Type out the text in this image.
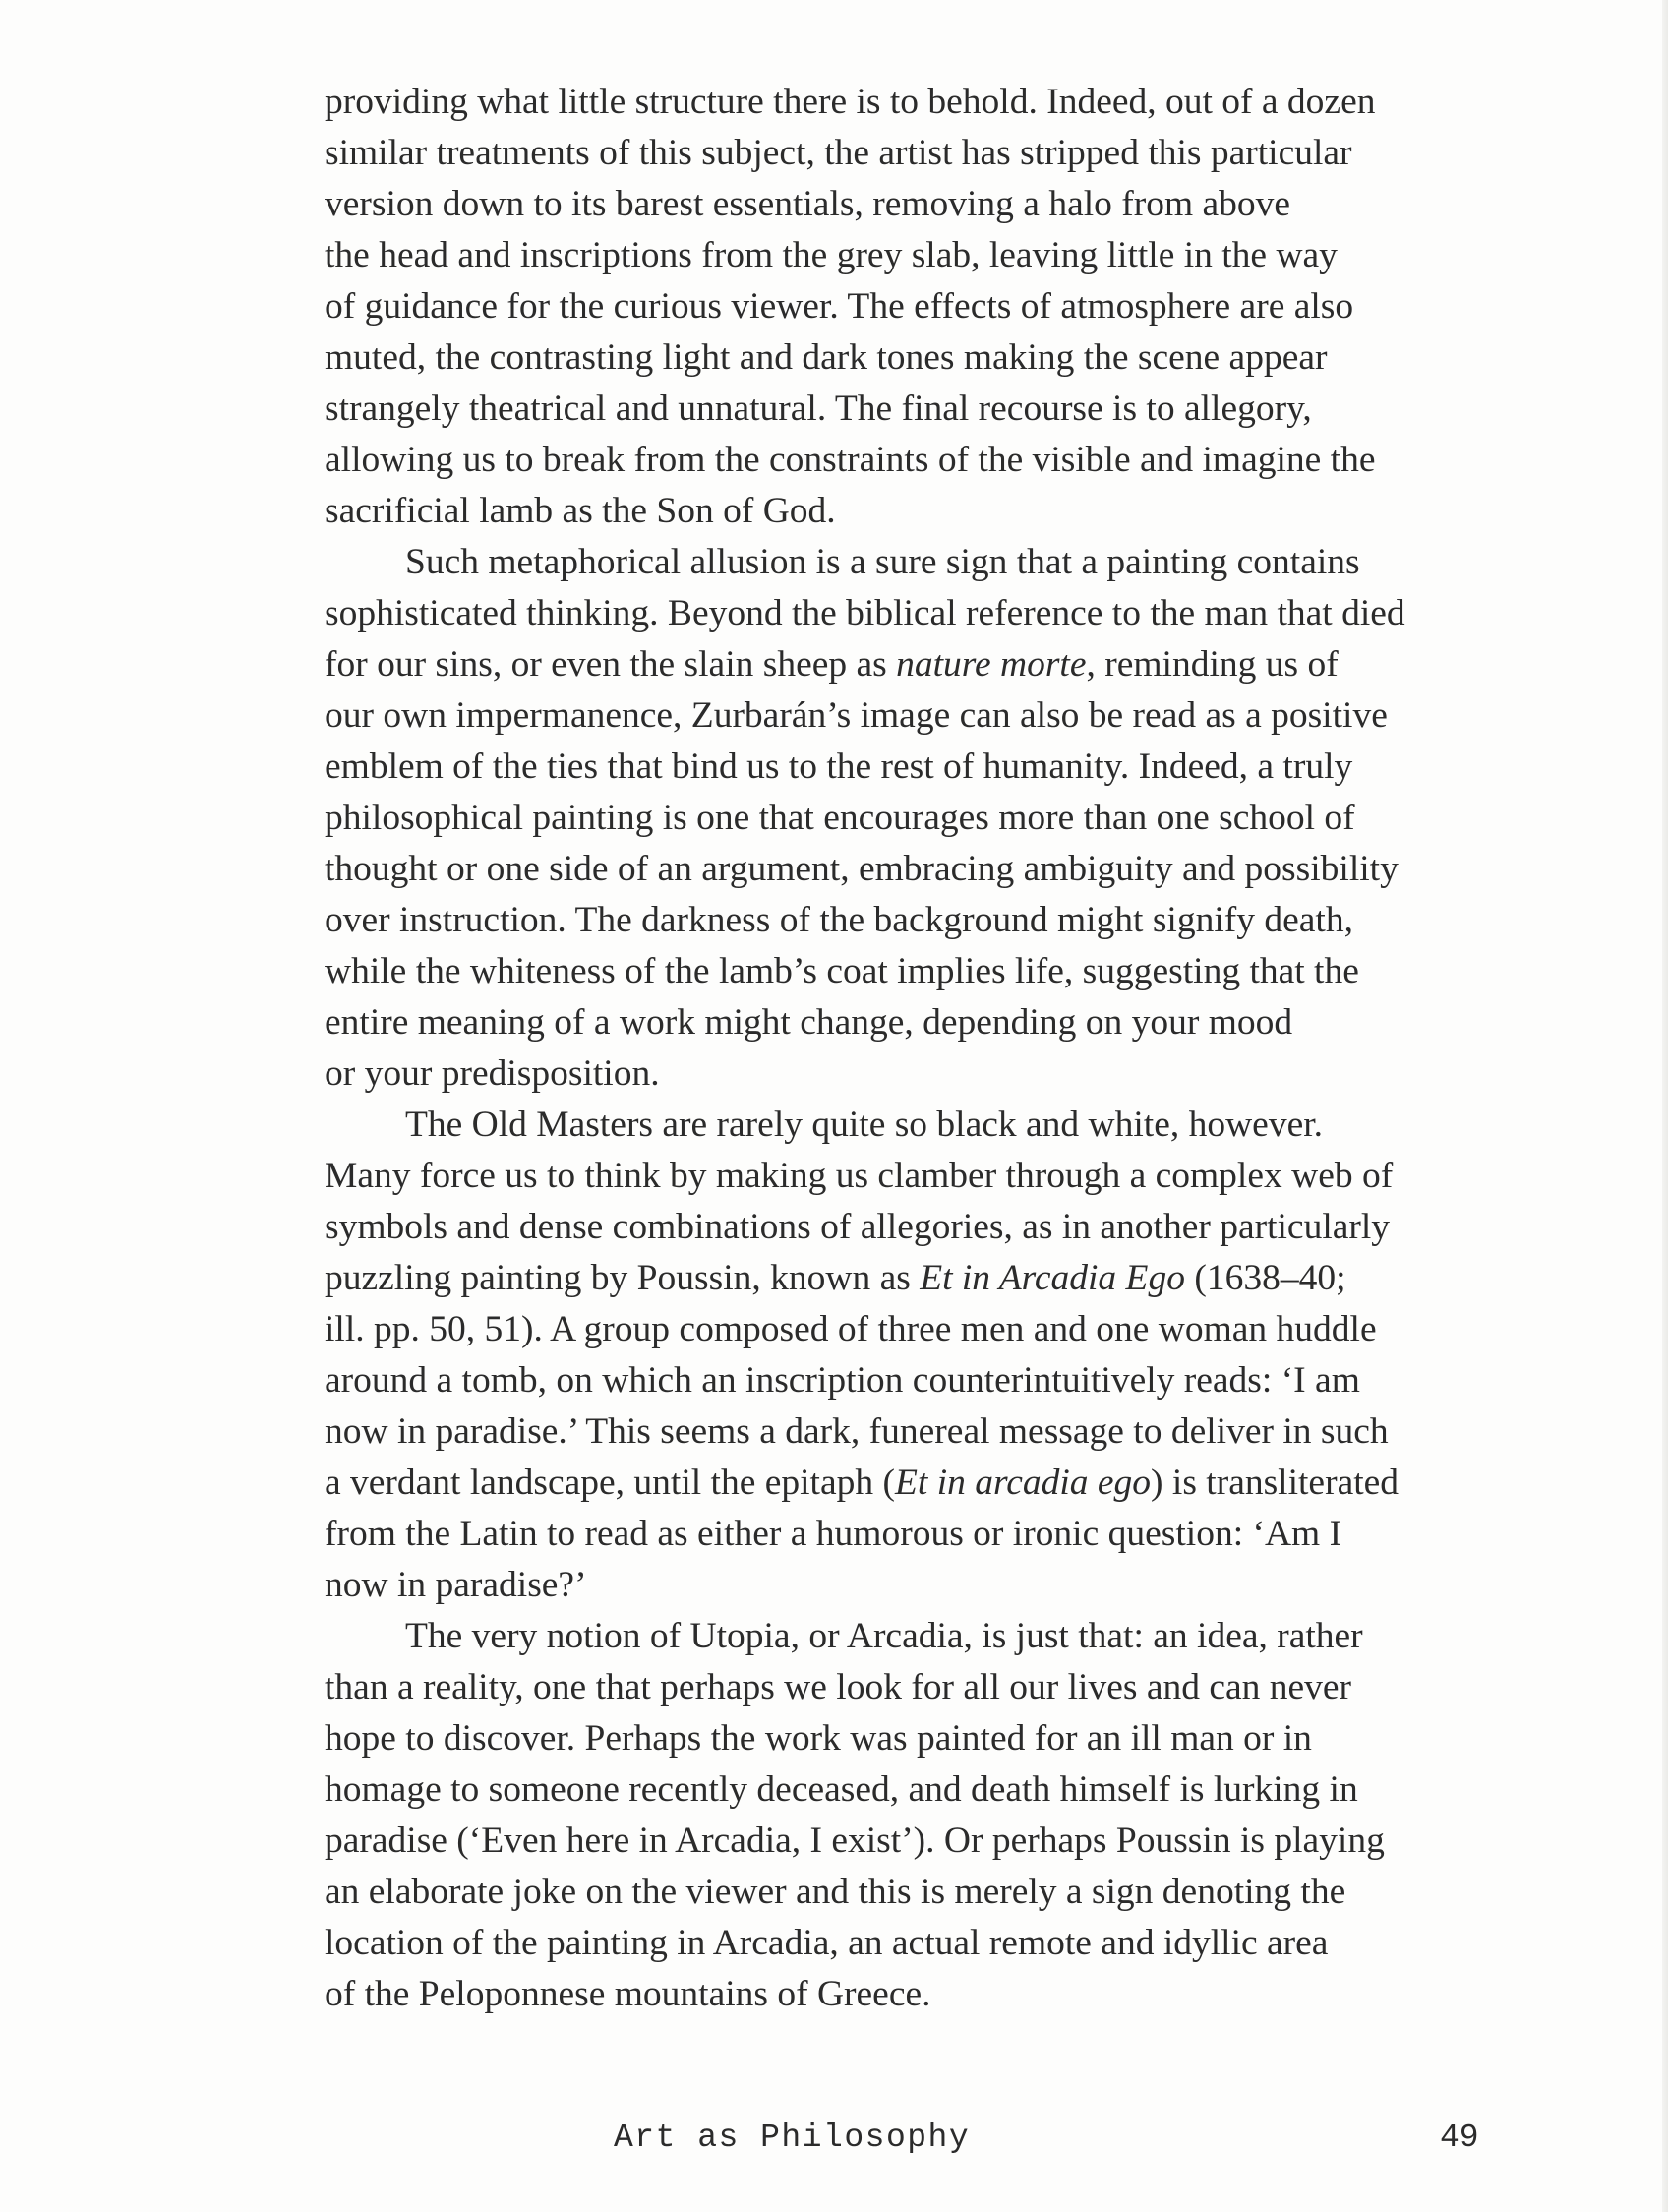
providing what little structure there is to behold. Indeed, out of a dozen
similar treatments of this subject, the artist has stripped this particular
version down to its barest essentials, removing a halo from above
the head and inscriptions from the grey slab, leaving little in the way
of guidance for the curious viewer. The effects of atmosphere are also
muted, the contrasting light and dark tones making the scene appear
strangely theatrical and unnatural. The final recourse is to allegory,
allowing us to break from the constraints of the visible and imagine the
sacrificial lamb as the Son of God.

Such metaphorical allusion is a sure sign that a painting contains
sophisticated thinking. Beyond the biblical reference to the man that died
for our sins, or even the slain sheep as nature morte, reminding us of
our own impermanence, Zurbarán’s image can also be read as a positive
emblem of the ties that bind us to the rest of humanity. Indeed, a truly
philosophical painting is one that encourages more than one school of
thought or one side of an argument, embracing ambiguity and possibility
over instruction. The darkness of the background might signify death,
while the whiteness of the lamb’s coat implies life, suggesting that the
entire meaning of a work might change, depending on your mood
or your predisposition.

The Old Masters are rarely quite so black and white, however.
Many force us to think by making us clamber through a complex web of
symbols and dense combinations of allegories, as in another particularly
puzzling painting by Poussin, known as Et in Arcadia Ego (1638–40;
ill. pp. 50, 51). A group composed of three men and one woman huddle
around a tomb, on which an inscription counterintuitively reads: ‘I am
now in paradise.’ This seems a dark, funereal message to deliver in such
a verdant landscape, until the epitaph (Et in arcadia ego) is transliterated
from the Latin to read as either a humorous or ironic question: ‘Am I
now in paradise?’

The very notion of Utopia, or Arcadia, is just that: an idea, rather
than a reality, one that perhaps we look for all our lives and can never
hope to discover. Perhaps the work was painted for an ill man or in
homage to someone recently deceased, and death himself is lurking in
paradise (‘Even here in Arcadia, I exist’). Or perhaps Poussin is playing
an elaborate joke on the viewer and this is merely a sign denoting the
location of the painting in Arcadia, an actual remote and idyllic area
of the Peloponnese mountains of Greece.

Art as Philosophy	49
